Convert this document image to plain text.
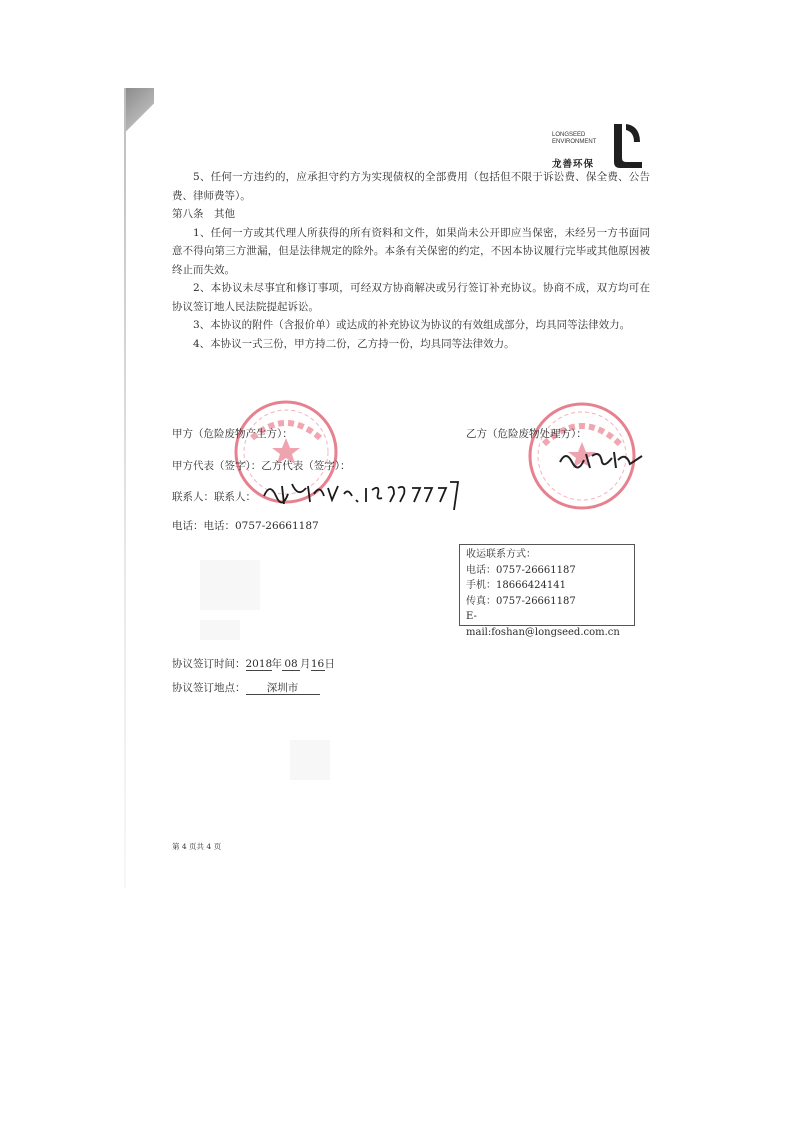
LONGSEED
ENVIRONMENT
龙善环保

5、任何一方违约的，应承担守约方为实现债权的全部费用（包括但不限于诉讼费、保全费、公告费、律师费等）。

第八条　其他

1、任何一方或其代理人所获得的所有资料和文件，如果尚未公开即应当保密，未经另一方书面同意不得向第三方泄漏，但是法律规定的除外。本条有关保密的约定，不因本协议履行完毕或其他原因被终止而失效。

2、本协议未尽事宜和修订事项，可经双方协商解决或另行签订补充协议。协商不成，双方均可在协议签订地人民法院提起诉讼。

3、本协议的附件（含报价单）或达成的补充协议为协议的有效组成部分，均具同等法律效力。

4、本协议一式三份，甲方持二份，乙方持一份，均具同等法律效力。

甲方（危险废物产生方）：	乙方（危险废物处理方）：
甲方代表（签字）：乙方代表（签字）：
联系人：联系人：
电话：电话：0757-26661187
收运联系方式：
电话：0757-26661187
手机：18666424141
传真：0757-26661187
E-mail:foshan@longseed.com.cn
协议签订时间：2018年 08 月16日
协议签订地点： 深圳市
第 4 页共 4 页
